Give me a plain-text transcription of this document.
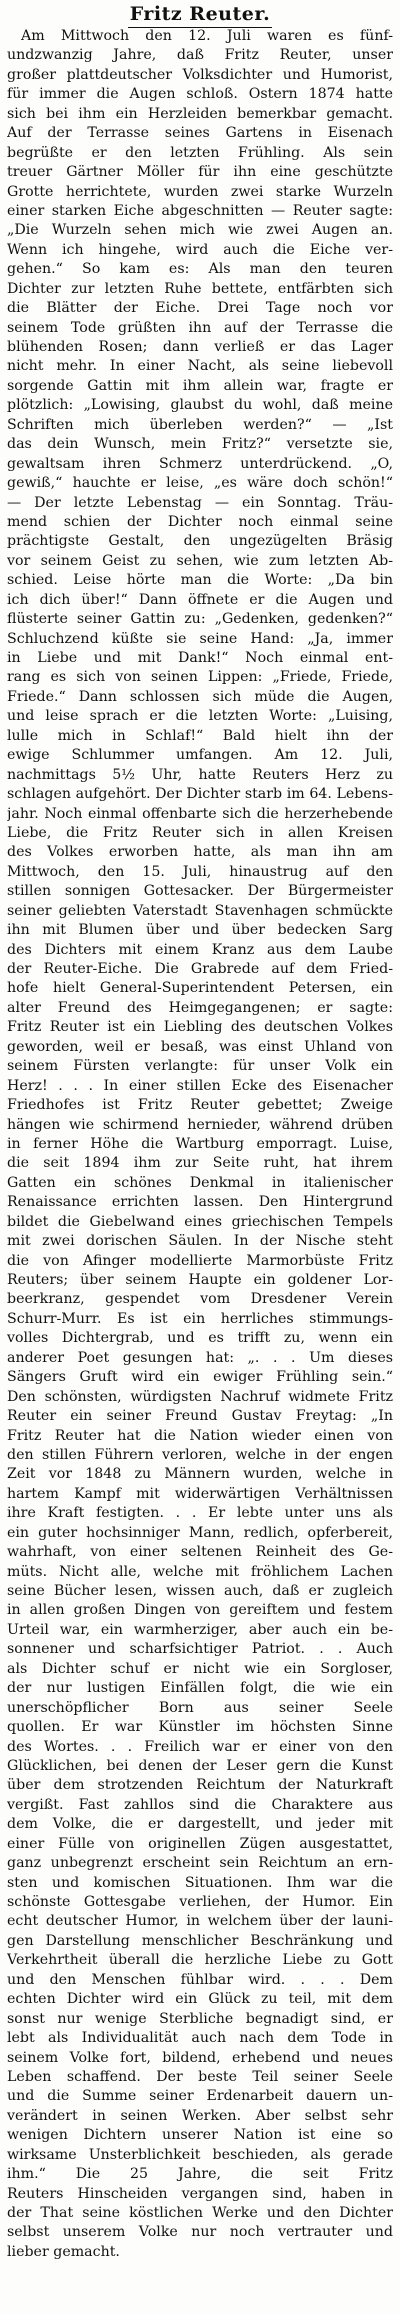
Fritz Reuter.
Am Mittwoch den 12. Juli waren es fünf-
undzwanzig Jahre, daß Fritz Reuter, unser
großer plattdeutscher Volksdichter und Humorist,
für immer die Augen schloß. Ostern 1874 hatte
sich bei ihm ein Herzleiden bemerkbar gemacht.
Auf der Terrasse seines Gartens in Eisenach
begrüßte er den letzten Frühling. Als sein
treuer Gärtner Möller für ihn eine geschützte
Grotte herrichtete, wurden zwei starke Wurzeln
einer starken Eiche abgeschnitten — Reuter sagte:
„Die Wurzeln sehen mich wie zwei Augen an.
Wenn ich hingehe, wird auch die Eiche ver-
gehen.“ So kam es: Als man den teuren
Dichter zur letzten Ruhe bettete, entfärbten sich
die Blätter der Eiche. Drei Tage noch vor
seinem Tode grüßten ihn auf der Terrasse die
blühenden Rosen; dann verließ er das Lager
nicht mehr. In einer Nacht, als seine liebevoll
sorgende Gattin mit ihm allein war, fragte er
plötzlich: „Lowising, glaubst du wohl, daß meine
Schriften mich überleben werden?“ — „Ist
das dein Wunsch, mein Fritz?“ versetzte sie,
gewaltsam ihren Schmerz unterdrückend. „O,
gewiß,“ hauchte er leise, „es wäre doch schön!“
— Der letzte Lebenstag — ein Sonntag. Träu-
mend schien der Dichter noch einmal seine
prächtigste Gestalt, den ungezügelten Bräsig
vor seinem Geist zu sehen, wie zum letzten Ab-
schied. Leise hörte man die Worte: „Da bin
ich dich über!“ Dann öffnete er die Augen und
flüsterte seiner Gattin zu: „Gedenken, gedenken?“
Schluchzend küßte sie seine Hand: „Ja, immer
in Liebe und mit Dank!“ Noch einmal ent-
rang es sich von seinen Lippen: „Friede, Friede,
Friede.“ Dann schlossen sich müde die Augen,
und leise sprach er die letzten Worte: „Luising,
lulle mich in Schlaf!“ Bald hielt ihn der
ewige Schlummer umfangen. Am 12. Juli,
nachmittags 5½ Uhr, hatte Reuters Herz zu
schlagen aufgehört. Der Dichter starb im 64. Lebens-
jahr. Noch einmal offenbarte sich die herzerhebende
Liebe, die Fritz Reuter sich in allen Kreisen
des Volkes erworben hatte, als man ihn am
Mittwoch, den 15. Juli, hinaustrug auf den
stillen sonnigen Gottesacker. Der Bürgermeister
seiner geliebten Vaterstadt Stavenhagen schmückte
ihn mit Blumen über und über bedecken Sarg
des Dichters mit einem Kranz aus dem Laube
der Reuter-Eiche. Die Grabrede auf dem Fried-
hofe hielt General-Superintendent Petersen, ein
alter Freund des Heimgegangenen; er sagte:
Fritz Reuter ist ein Liebling des deutschen Volkes
geworden, weil er besaß, was einst Uhland von
seinem Fürsten verlangte: für unser Volk ein
Herz! . . . In einer stillen Ecke des Eisenacher
Friedhofes ist Fritz Reuter gebettet; Zweige
hängen wie schirmend hernieder, während drüben
in ferner Höhe die Wartburg emporragt. Luise,
die seit 1894 ihm zur Seite ruht, hat ihrem
Gatten ein schönes Denkmal in italienischer
Renaissance errichten lassen. Den Hintergrund
bildet die Giebelwand eines griechischen Tempels
mit zwei dorischen Säulen. In der Nische steht
die von Afinger modellierte Marmorbüste Fritz
Reuters; über seinem Haupte ein goldener Lor-
beerkranz, gespendet vom Dresdener Verein
Schurr-Murr. Es ist ein herrliches stimmungs-
volles Dichtergrab, und es trifft zu, wenn ein
anderer Poet gesungen hat: „. . . Um dieses
Sängers Gruft wird ein ewiger Frühling sein.“
Den schönsten, würdigsten Nachruf widmete Fritz
Reuter ein seiner Freund Gustav Freytag: „In
Fritz Reuter hat die Nation wieder einen von
den stillen Führern verloren, welche in der engen
Zeit vor 1848 zu Männern wurden, welche in
hartem Kampf mit widerwärtigen Verhältnissen
ihre Kraft festigten. . . Er lebte unter uns als
ein guter hochsinniger Mann, redlich, opferbereit,
wahrhaft, von einer seltenen Reinheit des Ge-
müts. Nicht alle, welche mit fröhlichem Lachen
seine Bücher lesen, wissen auch, daß er zugleich
in allen großen Dingen von gereiftem und festem
Urteil war, ein warmherziger, aber auch ein be-
sonnener und scharfsichtiger Patriot. . . Auch
als Dichter schuf er nicht wie ein Sorgloser,
der nur lustigen Einfällen folgt, die wie ein
unerschöpflicher Born aus seiner Seele
quollen. Er war Künstler im höchsten Sinne
des Wortes. . . Freilich war er einer von den
Glücklichen, bei denen der Leser gern die Kunst
über dem strotzenden Reichtum der Naturkraft
vergißt. Fast zahllos sind die Charaktere aus
dem Volke, die er dargestellt, und jeder mit
einer Fülle von originellen Zügen ausgestattet,
ganz unbegrenzt erscheint sein Reichtum an ern-
sten und komischen Situationen. Ihm war die
schönste Gottesgabe verliehen, der Humor. Ein
echt deutscher Humor, in welchem über der launi-
gen Darstellung menschlicher Beschränkung und
Verkehrtheit überall die herzliche Liebe zu Gott
und den Menschen fühlbar wird. . . . Dem
echten Dichter wird ein Glück zu teil, mit dem
sonst nur wenige Sterbliche begnadigt sind, er
lebt als Individualität auch nach dem Tode in
seinem Volke fort, bildend, erhebend und neues
Leben schaffend. Der beste Teil seiner Seele
und die Summe seiner Erdenarbeit dauern un-
verändert in seinen Werken. Aber selbst sehr
wenigen Dichtern unserer Nation ist eine so
wirksame Unsterblichkeit beschieden, als gerade
ihm.“ Die 25 Jahre, die seit Fritz
Reuters Hinscheiden vergangen sind, haben in
der That seine köstlichen Werke und den Dichter
selbst unserem Volke nur noch vertrauter und
lieber gemacht.
